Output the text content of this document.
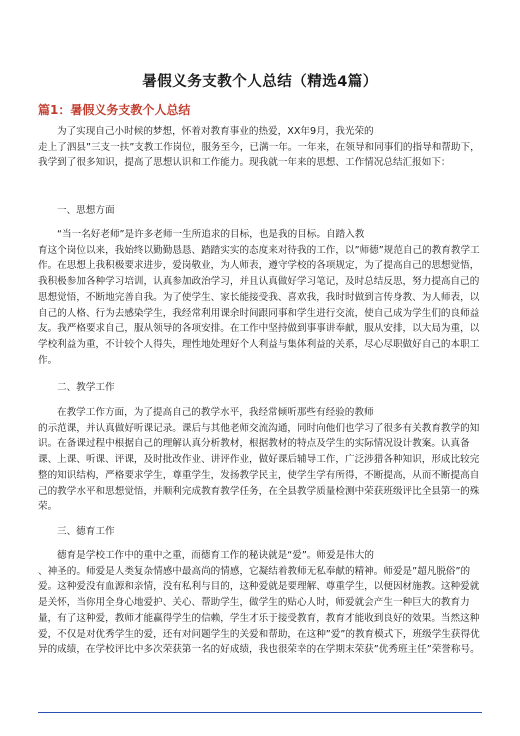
暑假义务支教个人总结（精选4篇）
篇1：暑假义务支教个人总结

为了实现自己小时候的梦想，怀着对教育事业的热爱，XX年9月，我光荣的

走上了泗县”三支一扶”支教工作岗位，服务至今，已满一年。一年来，在领导和同事们的指导和帮助下，我学到了很多知识，提高了思想认识和工作能力。现我就一年来的思想、工作情况总结汇报如下：

一、思想方面

“当一名好老师”是许多老师一生所追求的目标，也是我的目标。自踏入教

育这个岗位以来，我始终以勤勤恳恳、踏踏实实的态度来对待我的工作，以”师德”规范自己的教育教学工作。在思想上我积极要求进步，爱岗敬业，为人师表，遵守学校的各项规定，为了提高自己的思想觉悟，我积极参加各种学习培训，认真参加政治学习，并且认真做好学习笔记，及时总结反思，努力提高自己的思想觉悟，不断地完善自我。为了使学生、家长能接受我、喜欢我，我时时做到言传身教、为人师表，以自己的人格、行为去感染学生，我经常利用课余时间跟同事和学生进行交流，使自己成为学生们的良师益友。我严格要求自己，服从领导的各项安排。在工作中坚持做到事事讲奉献，服从安排，以大局为重，以学校利益为重，不计较个人得失，理性地处理好个人利益与集体利益的关系，尽心尽职做好自己的本职工作。

二、教学工作

在教学工作方面，为了提高自己的教学水平，我经常倾听那些有经验的教师

的示范课，并认真做好听课记录。课后与其他老师交流沟通，同时向他们也学习了很多有关教育教学的知识。在备课过程中根据自己的理解认真分析教材，根据教材的特点及学生的实际情况设计教案。认真备课、上课、听课、评课，及时批改作业、讲评作业，做好课后辅导工作，广泛涉猎各种知识，形成比较完整的知识结构，严格要求学生，尊重学生，发扬教学民主，使学生学有所得，不断提高，从而不断提高自己的教学水平和思想觉悟，并顺利完成教育教学任务，在全县教学质量检测中荣获班级评比全县第一的殊荣。

三、德育工作

德育是学校工作中的重中之重，而德育工作的秘诀就是“爱”。师爱是伟大的

、神圣的。师爱是人类复杂情感中最高尚的情感，它凝结着教师无私奉献的精神。师爱是”超凡脱俗”的爱。这种爱没有血源和亲情，没有私利与目的，这种爱就是要理解、尊重学生，以便因材施教。这种爱就是关怀，当你用全身心地爱护、关心、帮助学生，做学生的贴心人时，师爱就会产生一种巨大的教育力量，有了这种爱，教师才能赢得学生的信赖，学生才乐于接受教育，教育才能收到良好的效果。当然这种爱，不仅是对优秀学生的爱，还有对问题学生的关爱和帮助，在这种”爱”的教育模式下，班级学生获得优异的成绩，在学校评比中多次荣获第一名的好成绩，我也很荣幸的在学期末荣获”优秀班主任”荣誉称号。
